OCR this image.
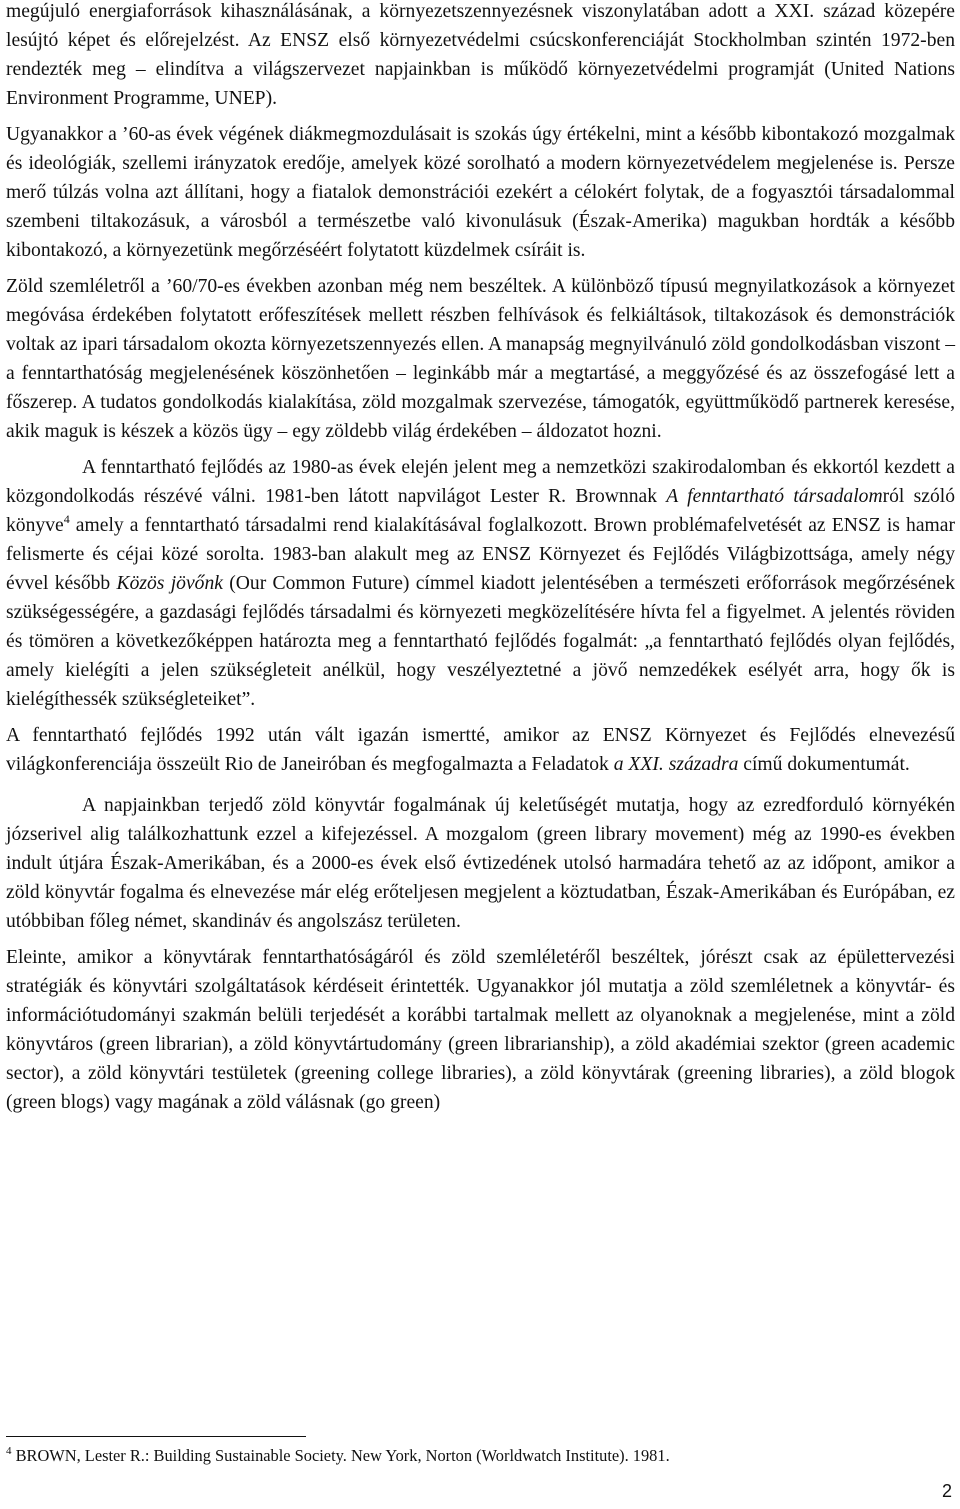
megújuló energiaforrások kihasználásának, a környezetszennyezésnek viszonylatában adott a XXI. század közepére lesújtó képet és előrejelzést. Az ENSZ első környezetvédelmi csúcskonferenciáját Stockholmban szintén 1972-ben rendezték meg – elindítva a világszervezet napjainkban is működő környezetvédelmi programját (United Nations Environment Programme, UNEP).

Ugyanakkor a ’60-as évek végének diákmegmozdulásait is szokás úgy értékelni, mint a később kibontakozó mozgalmak és ideológiák, szellemi irányzatok eredője, amelyek közé sorolható a modern környezetvédelem megjelenése is. Persze merő túlzás volna azt állítani, hogy a fiatalok demonstrációi ezekért a célokért folytak, de a fogyasztói társadalommal szembeni tiltakozásuk, a városból a természetbe való kivonulásuk (Észak-Amerika) magukban hordták a később kibontakozó, a környezetünk megőrzéséért folytatott küzdelmek csíráit is.

Zöld szemléletről a ’60/70-es években azonban még nem beszéltek. A különböző típusú megnyilatkozások a környezet megóvása érdekében folytatott erőfeszítések mellett részben felhívások és felkiáltások, tiltakozások és demonstrációk voltak az ipari társadalom okozta környezetszennyezés ellen. A manapság megnyilvánuló zöld gondolkodásban viszont – a fenntarthatóság megjelenésének köszönhetően – leginkább már a megtartásé, a meggyőzésé és az összefogásé lett a főszerep. A tudatos gondolkodás kialakítása, zöld mozgalmak szervezése, támogatók, együttműködő partnerek keresése, akik maguk is készek a közös ügy – egy zöldebb világ érdekében – áldozatot hozni.

A fenntartható fejlődés az 1980-as évek elején jelent meg a nemzetközi szakirodalomban és ekkortól kezdett a közgondolkodás részévé válni. 1981-ben látott napvilágot Lester R. Brownnak A fenntartható társadalomról szóló könyve$^4$ amely a fenntartható társadalmi rend kialakításával foglalkozott. Brown problémafelvetését az ENSZ is hamar felismerte és céjai közé sorolta. 1983-ban alakult meg az ENSZ Környezet és Fejlődés Világbizottsága, amely négy évvel később Közös jövőnk (Our Common Future) címmel kiadott jelentésében a természeti erőforrások megőrzésének szükségességére, a gazdasági fejlődés társadalmi és környezeti megközelítésére hívta fel a figyelmet. A jelentés röviden és tömören a következőképpen határozta meg a fenntartható fejlődés fogalmát: „a fenntartható fejlődés olyan fejlődés, amely kielégíti a jelen szükségleteit anélkül, hogy veszélyeztetné a jövő nemzedékek esélyét arra, hogy ők is kielégíthessék szükségleteiket”.

A fenntartható fejlődés 1992 után vált igazán ismertté, amikor az ENSZ Környezet és Fejlődés elnevezésű világkonferenciája összeült Rio de Janeiróban és megfogalmazta a Feladatok a XXI. századra című dokumentumát.

A napjainkban terjedő zöld könyvtár fogalmának új keletűségét mutatja, hogy az ezredforduló környékén józserivel alig találkozhattunk ezzel a kifejezéssel. A mozgalom (green library movement) még az 1990-es években indult útjára Észak-Amerikában, és a 2000-es évek első évtizedének utolsó harmadára tehető az az időpont, amikor a zöld könyvtár fogalma és elnevezése már elég erőteljesen megjelent a köztudatban, Észak-Amerikában és Európában, ez utóbbiban főleg német, skandináv és angolszász területen.

Eleinte, amikor a könyvtárak fenntarthatóságáról és zöld szemléletéről beszéltek, jórészt csak az épülettervezési stratégiák és könyvtári szolgáltatások kérdéseit érintették. Ugyanakkor jól mutatja a zöld szemléletnek a könyvtár- és információtudományi szakmán belüli terjedését a korábbi tartalmak mellett az olyanoknak a megjelenése, mint a zöld könyvtáros (green librarian), a zöld könyvtártudomány (green librarianship), a zöld akadémiai szektor (green academic sector), a zöld könyvtári testületek (greening college libraries), a zöld könyvtárak (greening libraries), a zöld blogok (green blogs) vagy magának a zöld válásnak (go green)

$^4$ BROWN, Lester R.: Building Sustainable Society. New York, Norton (Worldwatch Institute). 1981.

2
